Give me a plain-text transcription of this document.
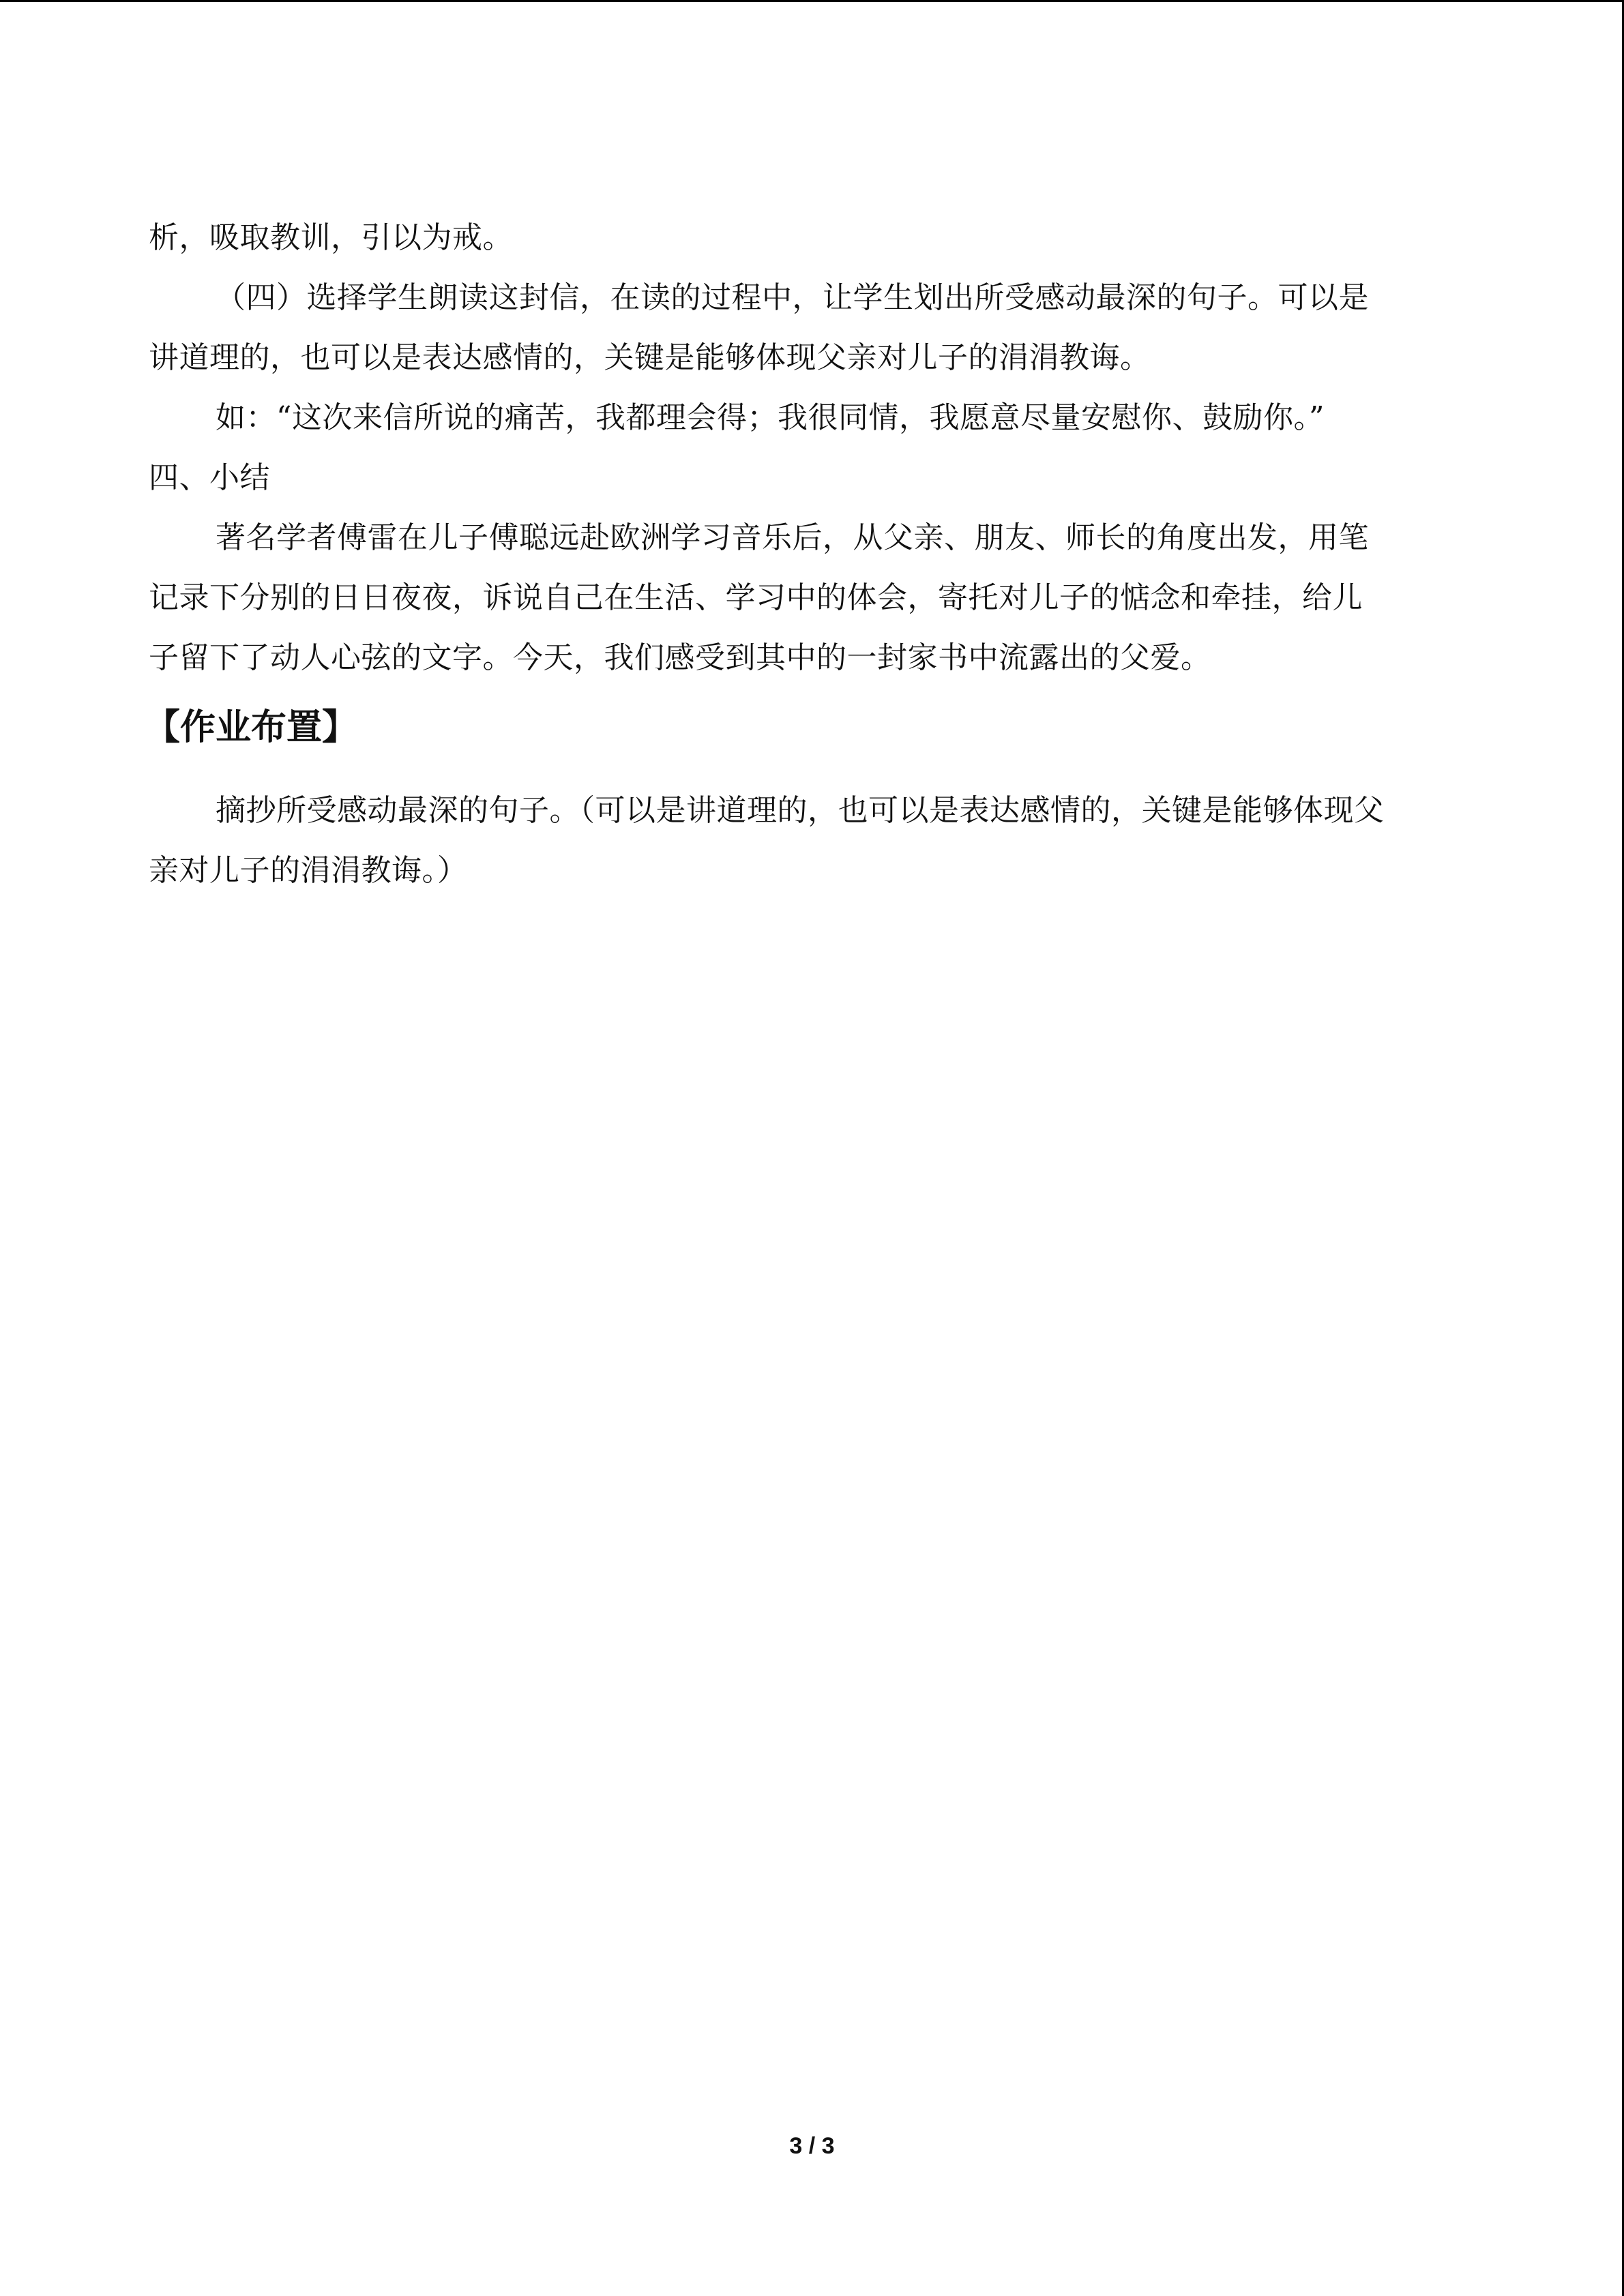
析，吸取教训，引以为戒。

（四）选择学生朗读这封信，在读的过程中，让学生划出所受感动最深的句子。可以是

讲道理的，也可以是表达感情的，关键是能够体现父亲对儿子的涓涓教诲。

如：“这次来信所说的痛苦，我都理会得；我很同情，我愿意尽量安慰你、鼓励你。”

四、小结

著名学者傅雷在儿子傅聪远赴欧洲学习音乐后，从父亲、朋友、师长的角度出发，用笔

记录下分别的日日夜夜，诉说自己在生活、学习中的体会，寄托对儿子的惦念和牵挂，给儿

子留下了动人心弦的文字。今天，我们感受到其中的一封家书中流露出的父爱。

【作业布置】

摘抄所受感动最深的句子。（可以是讲道理的，也可以是表达感情的，关键是能够体现父

亲对儿子的涓涓教诲。）

3 / 3
